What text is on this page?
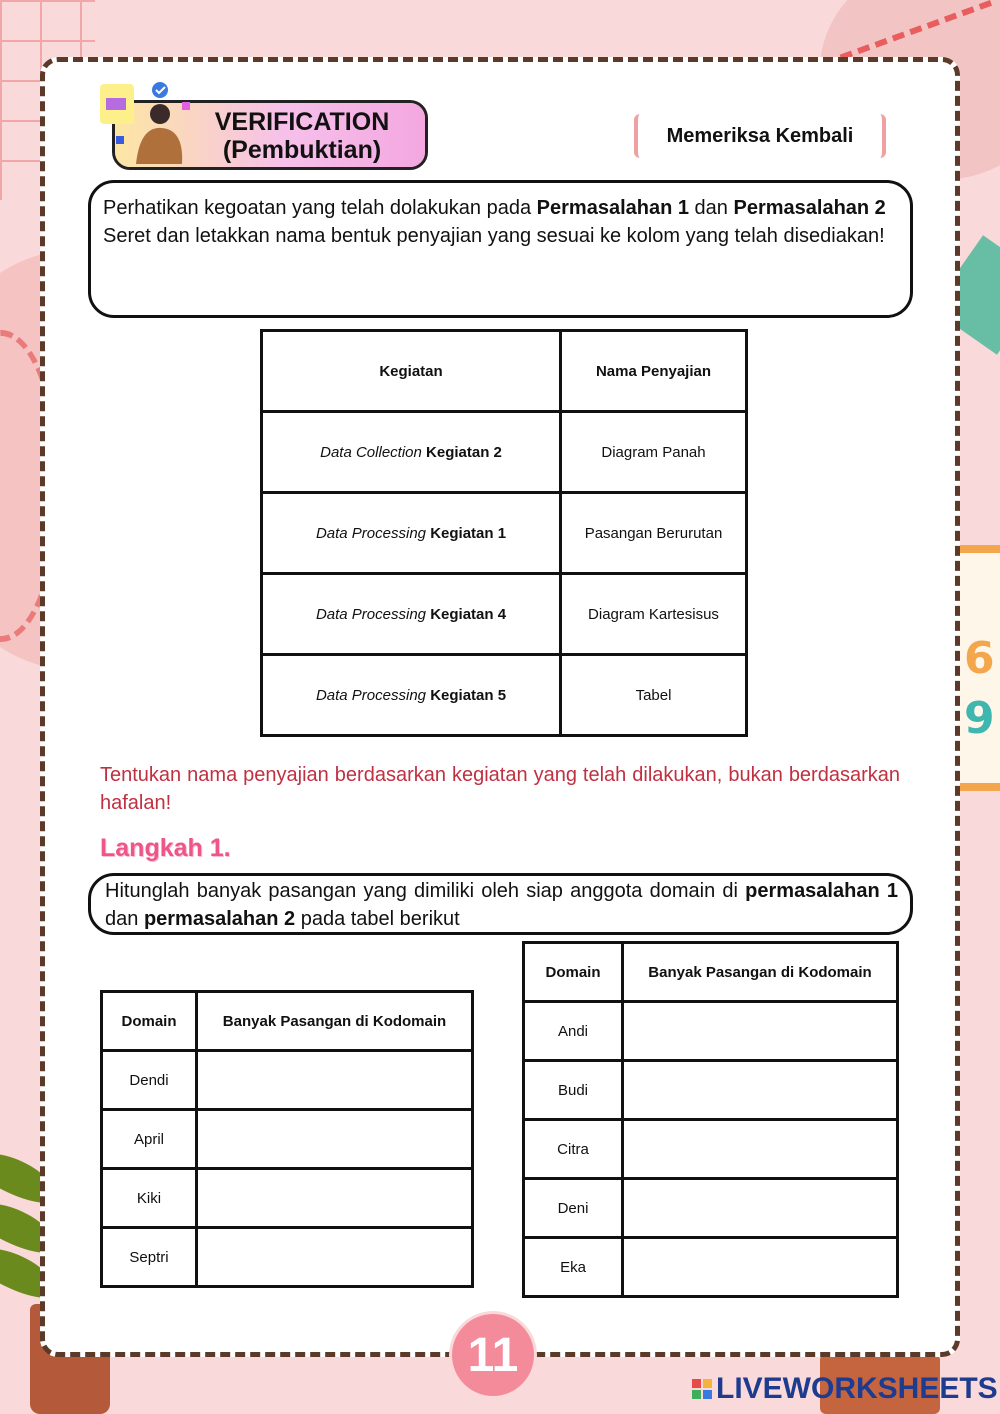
6
9
VERIFICATION
(Pembuktian)
Memeriksa Kembali
Perhatikan kegoatan yang telah dolakukan pada Permasalahan 1 dan Permasalahan 2
Seret dan letakkan nama bentuk penyajian yang sesuai ke kolom yang telah disediakan!
Kegiatan	Nama Penyajian
Data Collection Kegiatan 2	Diagram Panah
Data Processing Kegiatan 1	Pasangan Berurutan
Data Processing Kegiatan 4	Diagram Kartesisus
Data Processing Kegiatan 5	Tabel
Tentukan nama penyajian berdasarkan kegiatan yang telah dilakukan, bukan berdasarkan hafalan!
Langkah 1.
Hitunglah banyak pasangan yang dimiliki oleh siap anggota domain di permasalahan 1 dan permasalahan 2 pada tabel berikut
Domain	Banyak Pasangan di Kodomain
Dendi	
April	
Kiki	
Septri	
Domain	Banyak Pasangan di Kodomain
Andi	
Budi	
Citra	
Deni	
Eka	
11
LIVEWORKSHEETS
